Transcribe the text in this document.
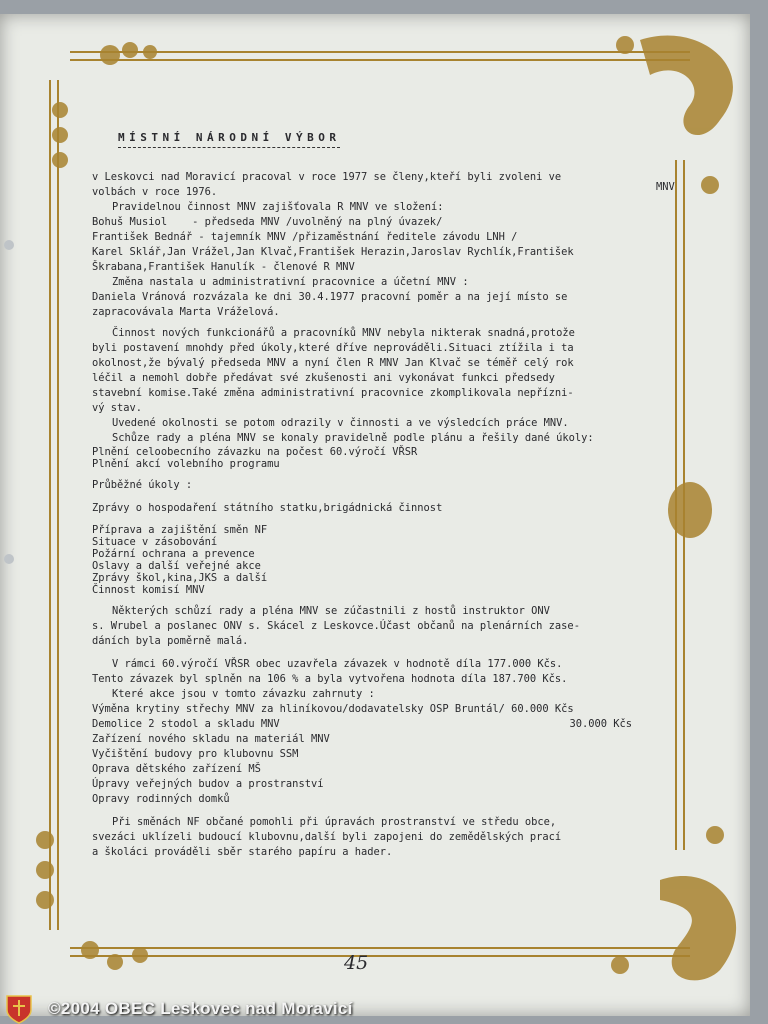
MNV
MÍSTNÍ NÁRODNÍ VÝBOR
v Leskovci nad Moravicí pracoval v roce 1977 se členy,kteří byli zvoleni ve
volbách v roce 1976.
Pravidelnou činnost MNV zajišťovala R MNV ve složení:
Bohuš Musiol    - předseda MNV /uvolněný na plný úvazek/
František Bednář - tajemník MNV /přizaměstnání ředitele závodu LNH /
Karel Sklář,Jan Vrážel,Jan Klvač,František Herazin,Jaroslav Rychlík,František
Škrabana,František Hanulík - členové R MNV
Změna nastala u administrativní pracovnice a účetní MNV :
Daniela Vránová rozvázala ke dni 30.4.1977 pracovní poměr a na její místo se
zapracovávala Marta Vráželová.
Činnost nových funkcionářů a pracovníků MNV nebyla nikterak snadná,protože
byli postavení mnohdy před úkoly,které dříve neprováděli.Situaci ztížila i ta
okolnost,že bývalý předseda MNV a nyní člen R MNV Jan Klvač se téměř celý rok
léčil a nemohl dobře předávat své zkušenosti ani vykonávat funkci předsedy
stavební komise.Také změna administrativní pracovnice zkomplikovala nepřízni-
vý stav.
Uvedené okolnosti se potom odrazily v činnosti a ve výsledcích práce MNV.
Schůze rady a pléna MNV se konaly pravidelně podle plánu a řešily dané úkoly:
Plnění celoobecního závazku na počest 60.výročí VŘSR
Plnění akcí volebního programu
Průběžné úkoly :
Zprávy o hospodaření státního statku,brigádnická činnost
Příprava a zajištění směn NF
Situace v zásobování
Požární ochrana a prevence
Oslavy a další veřejné akce
Zprávy škol,kina,JKS a další
Činnost komisí MNV
Některých schůzí rady a pléna MNV se zúčastnili z hostů instruktor ONV
s. Wrubel a poslanec ONV s. Skácel z Leskovce.Účast občanů na plenárních zase-
dáních byla poměrně malá.
V rámci 60.výročí VŘSR obec uzavřela závazek v hodnotě díla 177.000 Kčs.
Tento závazek byl splněn na 106 % a byla vytvořena hodnota díla 187.700 Kčs.
Které akce jsou v tomto závazku zahrnuty :
Výměna krytiny střechy MNV za hliníkovou/dodavatelsky OSP Bruntál/ 60.000 Kčs
Demolice 2 stodol a skladu MNV	30.000 Kčs
Zařízení nového skladu na materiál MNV
Vyčištění budovy pro klubovnu SSM
Oprava dětského zařízení MŠ
Úpravy veřejných budov a prostranství
Opravy rodinných domků
Při směnách NF občané pomohli při úpravách prostranství ve středu obce,
svezáci uklízeli budoucí klubovnu,další byli zapojeni do zemědělských prací
a školáci prováděli sběr starého papíru a hader.
45
©2004 OBEC Leskovec nad Moravicí
